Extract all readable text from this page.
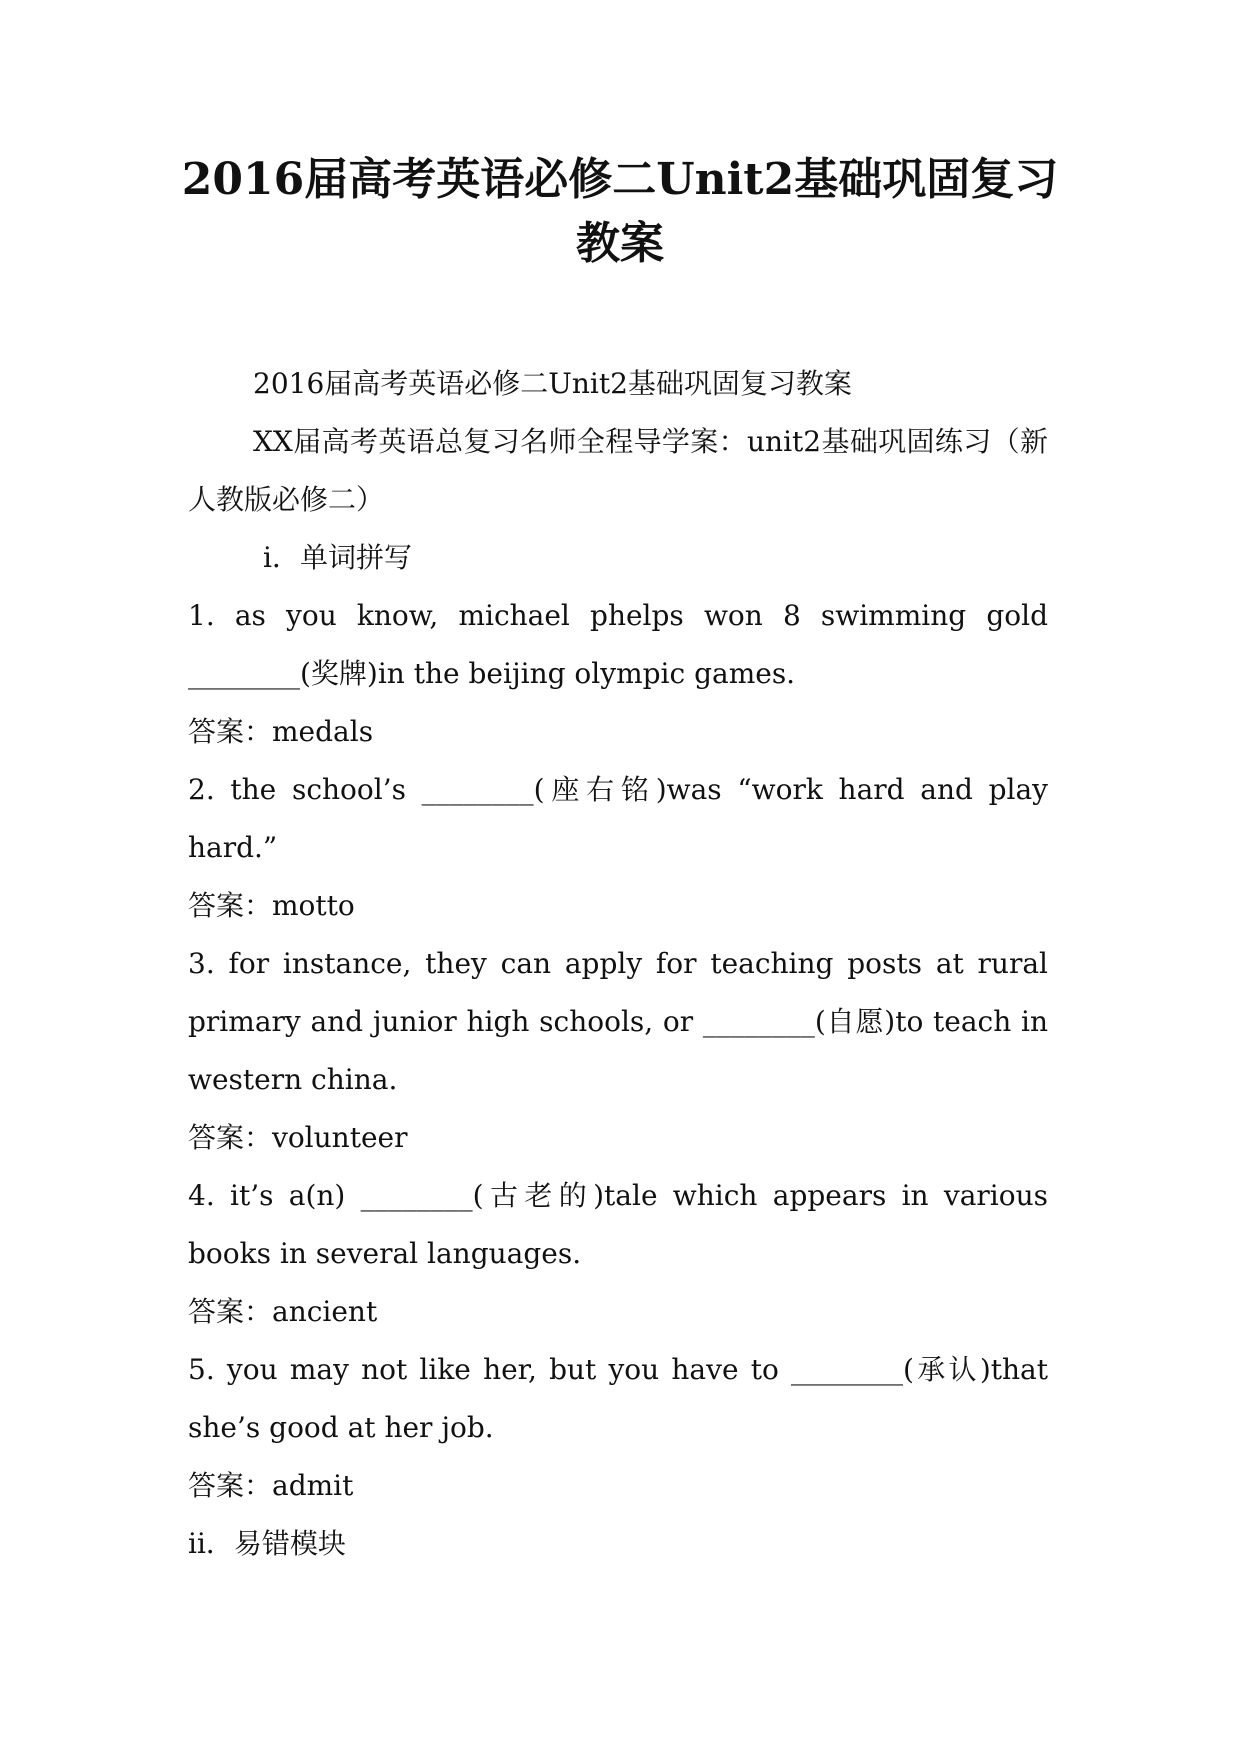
2016届高考英语必修二Unit2基础巩固复习教案

2016届高考英语必修二Unit2基础巩固复习教案

XX届高考英语总复习名师全程导学案：unit2基础巩固练习（新人教版必修二）

ⅰ．单词拼写

1. as you know, michael phelps won 8 swimming gold ________(奖牌)in the beijing olympic games.

答案：medals

2. the school’s ________(座右铭)was “work hard and play hard.”

答案：motto

3. for instance, they can apply for teaching posts at rural primary and junior high schools, or ________(自愿)to teach in western china.

答案：volunteer

4. it’s a(n) ________(古老的)tale which appears in various books in several languages.

答案：ancient

5. you may not like her, but you have to ________(承认)that she’s good at her job.

答案：admit

ⅱ．易错模块
